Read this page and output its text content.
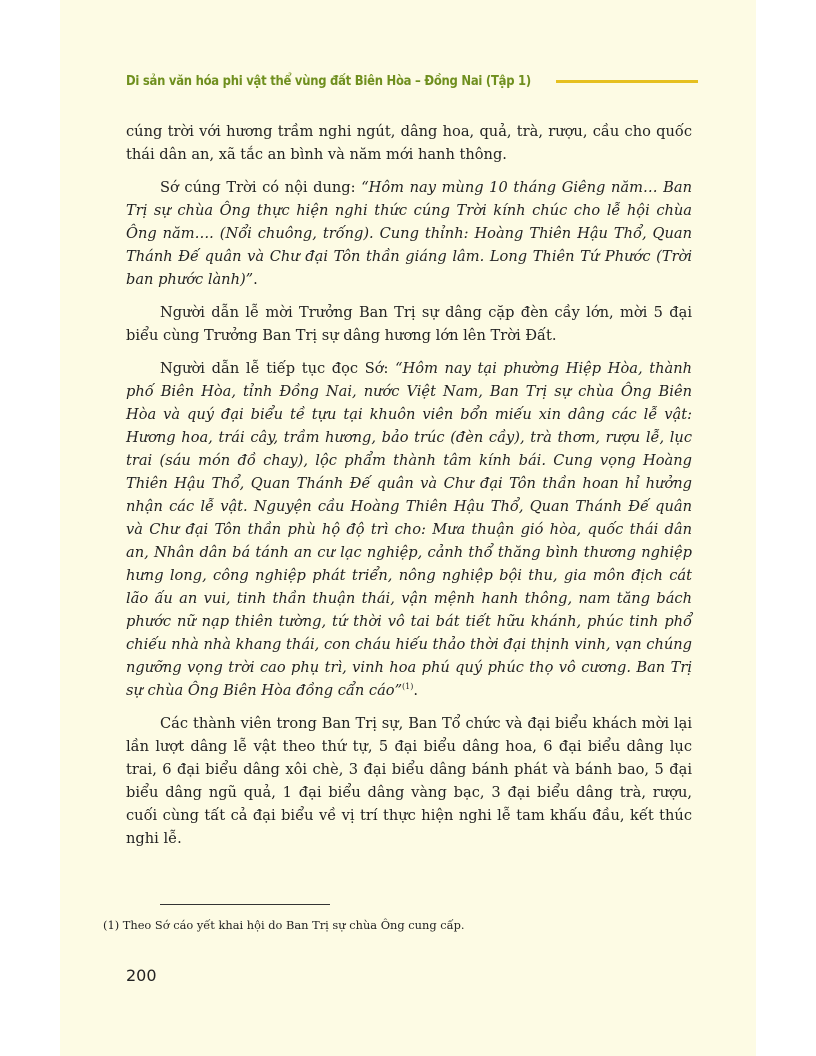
Di sản văn hóa phi vật thể vùng đất Biên Hòa – Đồng Nai (Tập 1)

cúng trời với hương trầm nghi ngút, dâng hoa, quả, trà, rượu, cầu cho quốc thái dân an, xã tắc an bình và năm mới hanh thông.

Sớ cúng Trời có nội dung: “Hôm nay mùng 10 tháng Giêng năm… Ban Trị sự chùa Ông thực hiện nghi thức cúng Trời kính chúc cho lễ hội chùa Ông năm…. (Nổi chuông, trống). Cung thỉnh: Hoàng Thiên Hậu Thổ, Quan Thánh Đế quân và Chư đại Tôn thần giáng lâm. Long Thiên Tứ Phước (Trời ban phước lành)”.

Người dẫn lễ mời Trưởng Ban Trị sự dâng cặp đèn cầy lớn, mời 5 đại biểu cùng Trưởng Ban Trị sự dâng hương lớn lên Trời Đất.

Người dẫn lễ tiếp tục đọc Sớ: “Hôm nay tại phường Hiệp Hòa, thành phố Biên Hòa, tỉnh Đồng Nai, nước Việt Nam, Ban Trị sự chùa Ông Biên Hòa và quý đại biểu tề tựu tại khuôn viên bổn miếu xin dâng các lễ vật: Hương hoa, trái cây, trầm hương, bảo trúc (đèn cầy), trà thơm, rượu lễ, lục trai (sáu món đồ chay), lộc phẩm thành tâm kính bái. Cung vọng Hoàng Thiên Hậu Thổ, Quan Thánh Đế quân và Chư đại Tôn thần hoan hỉ hưởng nhận các lễ vật. Nguyện cầu Hoàng Thiên Hậu Thổ, Quan Thánh Đế quân và Chư đại Tôn thần phù hộ độ trì cho: Mưa thuận gió hòa, quốc thái dân an, Nhân dân bá tánh an cư lạc nghiệp, cảnh thổ thăng bình thương nghiệp hưng long, công nghiệp phát triển, nông nghiệp bội thu, gia môn địch cát lão ấu an vui, tinh thần thuận thái, vận mệnh hanh thông, nam tăng bách phước nữ nạp thiên tường, tứ thời vô tai bát tiết hữu khánh, phúc tinh phổ chiếu nhà nhà khang thái, con cháu hiếu thảo thời đại thịnh vinh, vạn chúng ngưỡng vọng trời cao phụ trì, vinh hoa phú quý phúc thọ vô cương. Ban Trị sự chùa Ông Biên Hòa đồng cẩn cáo”$^{(1)}$.

Các thành viên trong Ban Trị sự, Ban Tổ chức và đại biểu khách mời lại lần lượt dâng lễ vật theo thứ tự, 5 đại biểu dâng hoa, 6 đại biểu dâng lục trai, 6 đại biểu dâng xôi chè, 3 đại biểu dâng bánh phát và bánh bao, 5 đại biểu dâng ngũ quả, 1 đại biểu dâng vàng bạc, 3 đại biểu dâng trà, rượu, cuối cùng tất cả đại biểu về vị trí thực hiện nghi lễ tam khấu đầu, kết thúc nghi lễ.

(1) Theo Sớ cáo yết khai hội do Ban Trị sự chùa Ông cung cấp.
200
